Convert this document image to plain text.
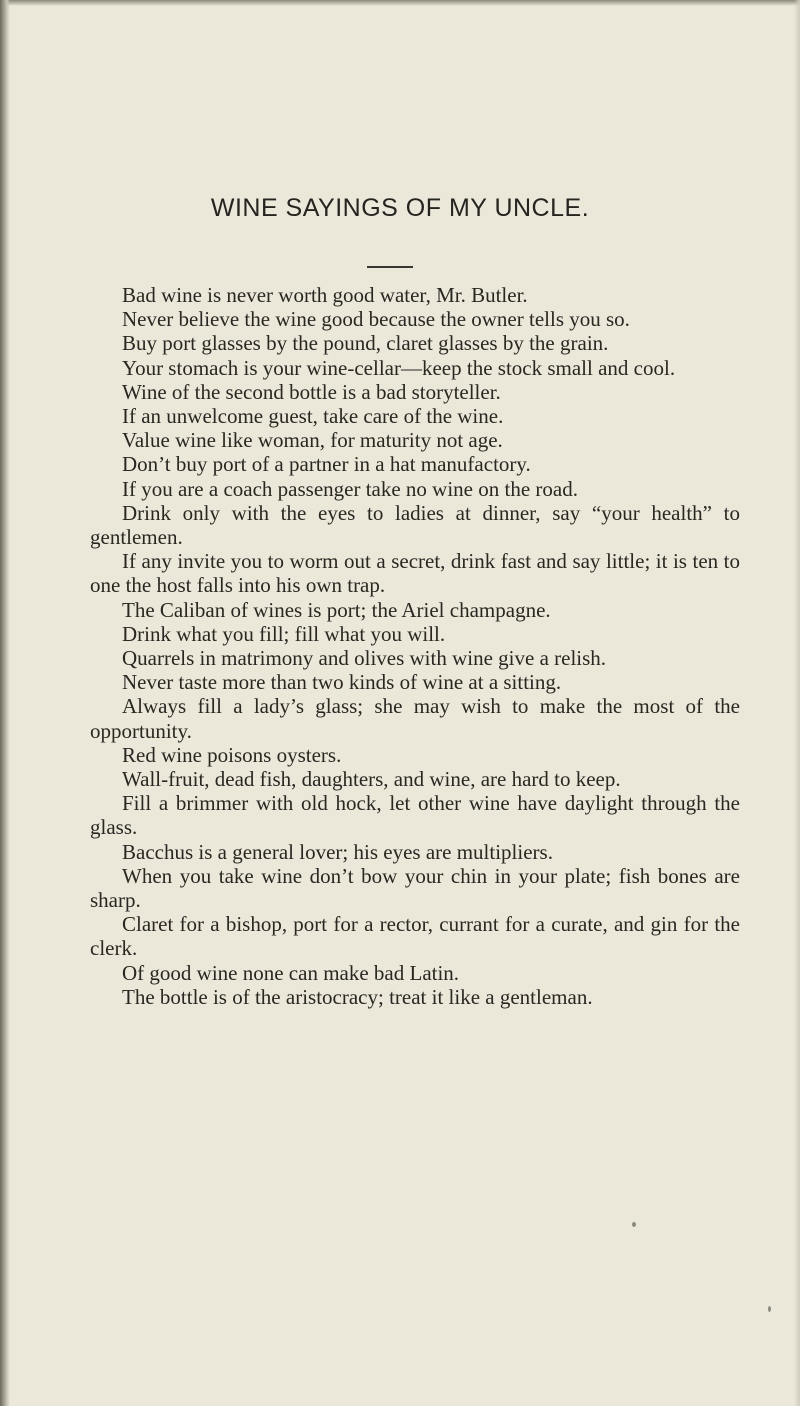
WINE SAYINGS OF MY UNCLE.

Bad wine is never worth good water, Mr. Butler.

Never believe the wine good because the owner tells you so.

Buy port glasses by the pound, claret glasses by the grain.

Your stomach is your wine-cellar—keep the stock small and cool.

Wine of the second bottle is a bad storyteller.

If an unwelcome guest, take care of the wine.

Value wine like woman, for maturity not age.

Don’t buy port of a partner in a hat manufactory.

If you are a coach passenger take no wine on the road.

Drink only with the eyes to ladies at dinner, say “your health” to gentlemen.

If any invite you to worm out a secret, drink fast and say little; it is ten to one the host falls into his own trap.

The Caliban of wines is port; the Ariel champagne.

Drink what you fill; fill what you will.

Quarrels in matrimony and olives with wine give a relish.

Never taste more than two kinds of wine at a sitting.

Always fill a lady’s glass; she may wish to make the most of the opportunity.

Red wine poisons oysters.

Wall-fruit, dead fish, daughters, and wine, are hard to keep.

Fill a brimmer with old hock, let other wine have daylight through the glass.

Bacchus is a general lover; his eyes are multipliers.

When you take wine don’t bow your chin in your plate; fish bones are sharp.

Claret for a bishop, port for a rector, currant for a curate, and gin for the clerk.

Of good wine none can make bad Latin.

The bottle is of the aristocracy; treat it like a gentleman.
